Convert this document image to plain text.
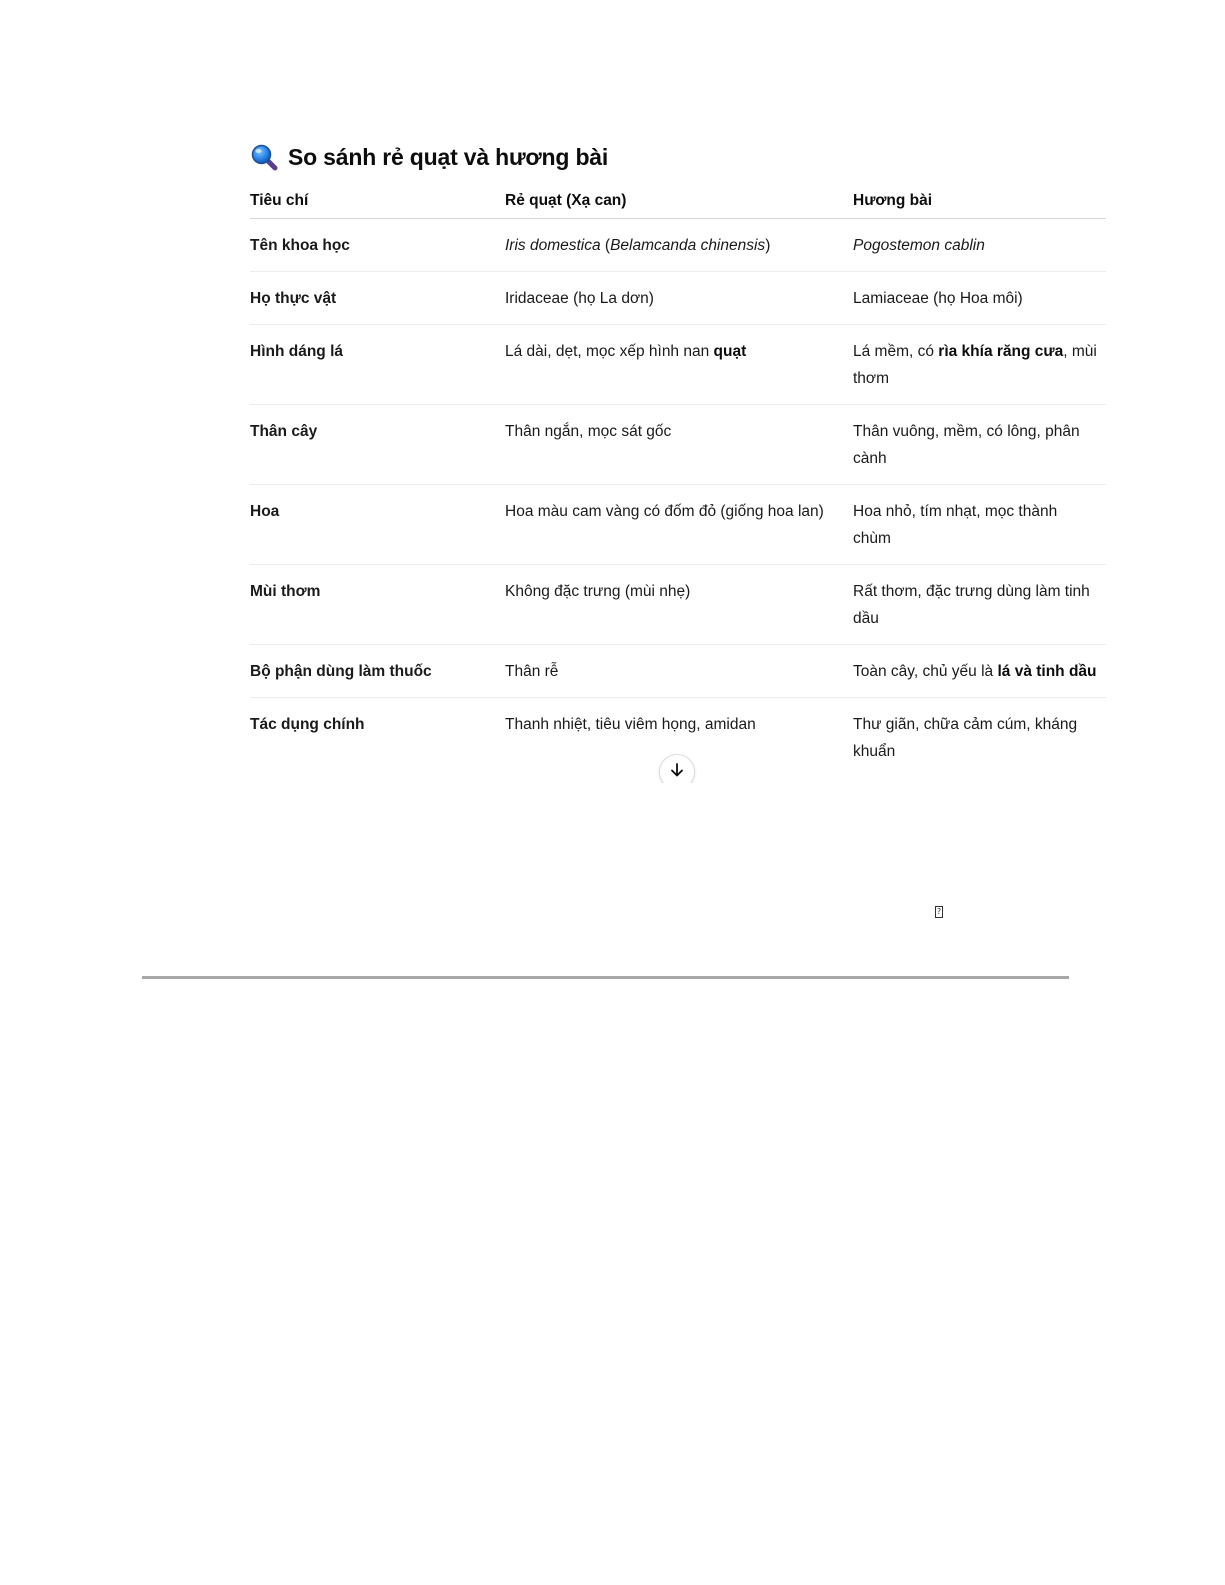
So sánh rẻ quạt và hương bài
Tiêu chí	Rẻ quạt (Xạ can)	Hương bài
Tên khoa học	Iris domestica (Belamcanda chinensis)	Pogostemon cablin
Họ thực vật	Iridaceae (họ La dơn)	Lamiaceae (họ Hoa môi)
Hình dáng lá	Lá dài, dẹt, mọc xếp hình nan quạt	Lá mềm, có rìa khía răng cưa, mùi thơm
Thân cây	Thân ngắn, mọc sát gốc	Thân vuông, mềm, có lông, phân cành
Hoa	Hoa màu cam vàng có đốm đỏ (giống hoa lan)	Hoa nhỏ, tím nhạt, mọc thành chùm
Mùi thơm	Không đặc trưng (mùi nhẹ)	Rất thơm, đặc trưng dùng làm tinh dầu
Bộ phận dùng làm thuốc	Thân rễ	Toàn cây, chủ yếu là lá và tinh dầu
Tác dụng chính	Thanh nhiệt, tiêu viêm họng, amidan	Thư giãn, chữa cảm cúm, kháng khuẩn
?
